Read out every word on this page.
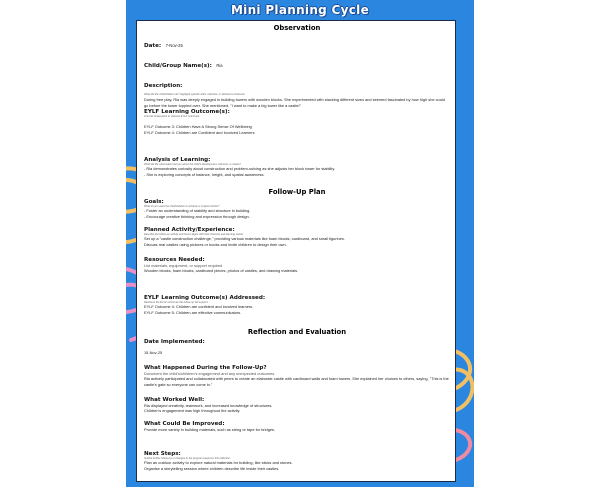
Mini Planning Cycle
Observation
Date: 7-Nov-25
Child/Group Name(s): Ria
Description:
What did the child/children do? Highlight specific skills, interests, or behaviors observed.
During free play, Ria was deeply engaged in building towers with wooden blocks. She experimented with stacking different sizes and seemed fascinated by how high she could go before the tower toppled over. She mentioned, "I want to make a big tower like a castle!"
EYLF Learning Outcome(s):
Link the observation to relevant EYLF outcomes.
EYLF Outcome 3: Children Have A Strong Sense Of Wellbeing
EYLF Outcome 4: Children are Confident and Involved Learners
Analysis of Learning:
What did the observation tell you about the child's development, interests, or needs?
- Ria demonstrates curiosity about construction and problem-solving as she adjusts her block tower for stability.
- She is exploring concepts of balance, height, and spatial awareness.
Follow-Up Plan
Goals:
What do you want the child/children to achieve or explore further?
- Foster an understanding of stability and structure in building.
- Encourage creative thinking and expression through design.
Planned Activity/Experience:
Describe the follow-up activity and how it aligns with their interests and learning needs.
Set up a "castle construction challenge," providing various materials like foam blocks, cardboard, and small figurines.
Discuss real castles using pictures or books and invite children to design their own.
Resources Needed:
List materials, equipment, or support required
Wooden blocks, foam blocks, cardboard pieces, photos of castles, and drawing materials.
EYLF Learning Outcome(s) Addressed:
Reinforce the EYLF outcomes the follow-up will support.
EYLF Outcome 4: Children are confident and involved learners.
EYLF Outcome 5: Children are effective communicators.
Reflection and Evaluation
Date Implemented:
15-Nov-25
What Happened During the Follow-Up?
Document the child's/children's engagement and any unexpected outcomes.
Ria actively participated and collaborated with peers to create an elaborate castle with cardboard walls and foam towers. She explained her choices to others, saying, "This is the castle's gate so everyone can come in."
What Worked Well:
Ria displayed creativity, teamwork, and increased knowledge of structures.
Children's engagement was high throughout the activity.
What Could Be Improved:
Provide more variety in building materials, such as string or tape for bridges.
Next Steps:
Outline further follow-up or changes to the program based on this reflection.
Plan an outdoor activity to explore natural materials for building, like sticks and stones.
Organise a storytelling session where children describe life inside their castles.
